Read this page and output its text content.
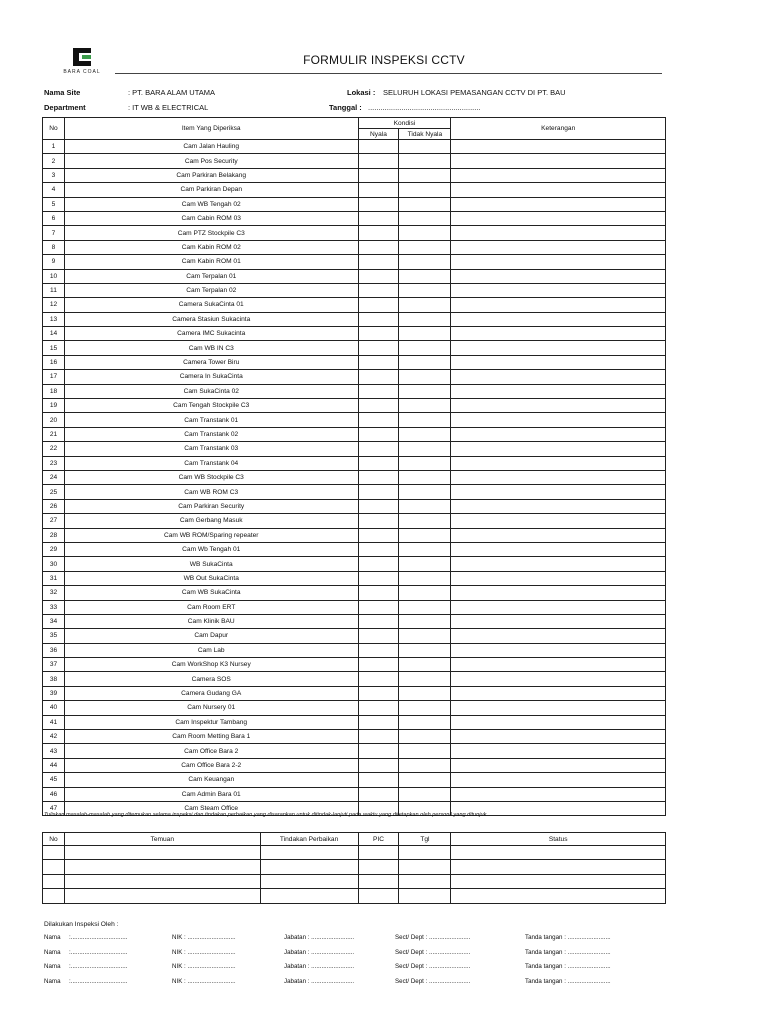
BARA COAL
FORMULIR INSPEKSI CCTV
Nama Site	: PT. BARA ALAM UTAMA	Lokasi : SELURUH LOKASI PEMASANGAN CCTV DI PT. BAU
Department	: IT WB & ELECTRICAL	Tanggal : ......................................................
No	Item Yang Diperiksa	Kondisi		Keterangan
		Nyala	Tidak Nyala	
1	Cam Jalan Hauling			
2	Cam Pos Security			
3	Cam Parkiran Belakang			
4	Cam Parkiran Depan			
5	Cam WB Tengah 02			
6	Cam Cabin ROM 03			
7	Cam PTZ Stockpile C3			
8	Cam Kabin ROM 02			
9	Cam Kabin ROM 01			
10	Cam Terpalan 01			
11	Cam Terpalan 02			
12	Camera SukaCinta 01			
13	Camera Stasiun Sukacinta			
14	Camera IMC Sukacinta			
15	Cam WB IN C3			
16	Camera Tower Biru			
17	Camera In SukaCinta			
18	Cam SukaCinta 02			
19	Cam Tengah Stockpile C3			
20	Cam Transtank 01			
21	Cam Transtank 02			
22	Cam Transtank 03			
23	Cam Transtank 04			
24	Cam WB Stockpile C3			
25	Cam WB ROM C3			
26	Cam Parkiran Security			
27	Cam Gerbang Masuk			
28	Cam WB ROM/Sparing repeater			
29	Cam Wb Tengah 01			
30	WB SukaCinta			
31	WB Out SukaCinta			
32	Cam WB SukaCinta			
33	Cam Room ERT			
34	Cam Klinik BAU			
35	Cam Dapur			
36	Cam Lab			
37	Cam WorkShop K3 Nursey			
38	Camera SOS			
39	Camera Gudang GA			
40	Cam Nursery 01			
41	Cam Inspektur Tambang			
42	Cam Room Metting Bara 1			
43	Cam Office Bara 2			
44	Cam Office Bara 2-2			
45	Cam Keuangan			
46	Cam Admin Bara 01			
47	Cam Steam Office			
Tuliskan masalah-masalah yang ditemukan selama inspeksi dan tindakan perbaikan yang disarankan untuk ditindak-lanjuti pada waktu yang ditetapkan oleh personil yang ditunjuk
No	Temuan	Tindakan Perbaikan	PIC	Tgl	Status

Dilakukan Inspeksi Oleh :
Nama :.................................	NIK : ............................	Jabatan : .........................	Sect/ Dept : ........................	Tanda tangan : .........................
Nama :.................................	NIK : ............................	Jabatan : .........................	Sect/ Dept : ........................	Tanda tangan : .........................
Nama :.................................	NIK : ............................	Jabatan : .........................	Sect/ Dept : ........................	Tanda tangan : .........................
Nama :.................................	NIK : ............................	Jabatan : .........................	Sect/ Dept : ........................	Tanda tangan : .........................
